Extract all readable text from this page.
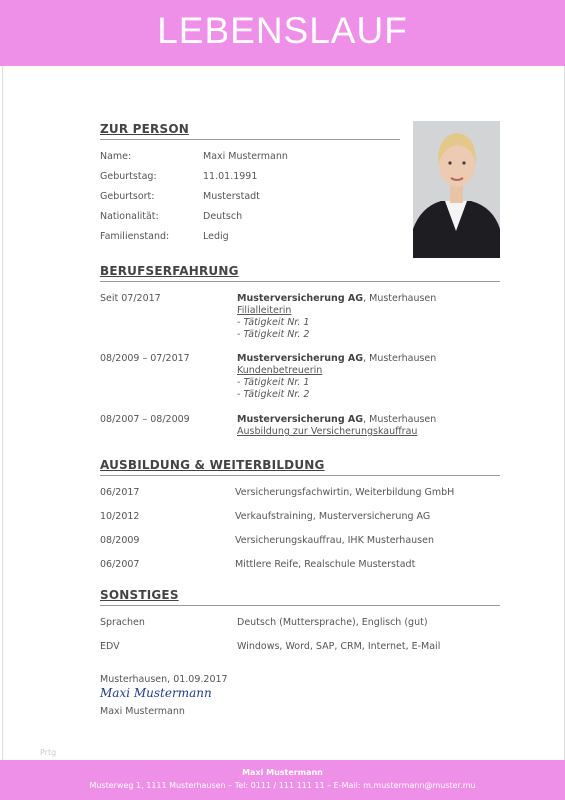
LEBENSLAUF
ZUR PERSON
Name:	Maxi Mustermann
Geburtstag:	11.01.1991
Geburtsort:	Musterstadt
Nationalität:	Deutsch
Familienstand:	Ledig
BERUFSERFAHRUNG
Seit 07/2017	Musterversicherung AG, Musterhausen
Filialleiterin
- Tätigkeit Nr. 1
- Tätigkeit Nr. 2
08/2009 – 07/2017	Musterversicherung AG, Musterhausen
Kundenbetreuerin
- Tätigkeit Nr. 1
- Tätigkeit Nr. 2
08/2007 – 08/2009	Musterversicherung AG, Musterhausen
Ausbildung zur Versicherungskauffrau
AUSBILDUNG & WEITERBILDUNG
06/2017	Versicherungsfachwirtin, Weiterbildung GmbH
10/2012	Verkaufstraining, Musterversicherung AG
08/2009	Versicherungskauffrau, IHK Musterhausen
06/2007	Mittlere Reife, Realschule Musterstadt
SONSTIGES
Sprachen	Deutsch (Muttersprache), Englisch (gut)
EDV	Windows, Word, SAP, CRM, Internet, E-Mail
Musterhausen, 01.09.2017
Maxi Mustermann
Maxi Mustermann
Prtg
Maxi Mustermann
Musterweg 1, 1111 Musterhausen – Tel: 0111 / 111 111 11 – E-Mail: m.mustermann@muster.mu
